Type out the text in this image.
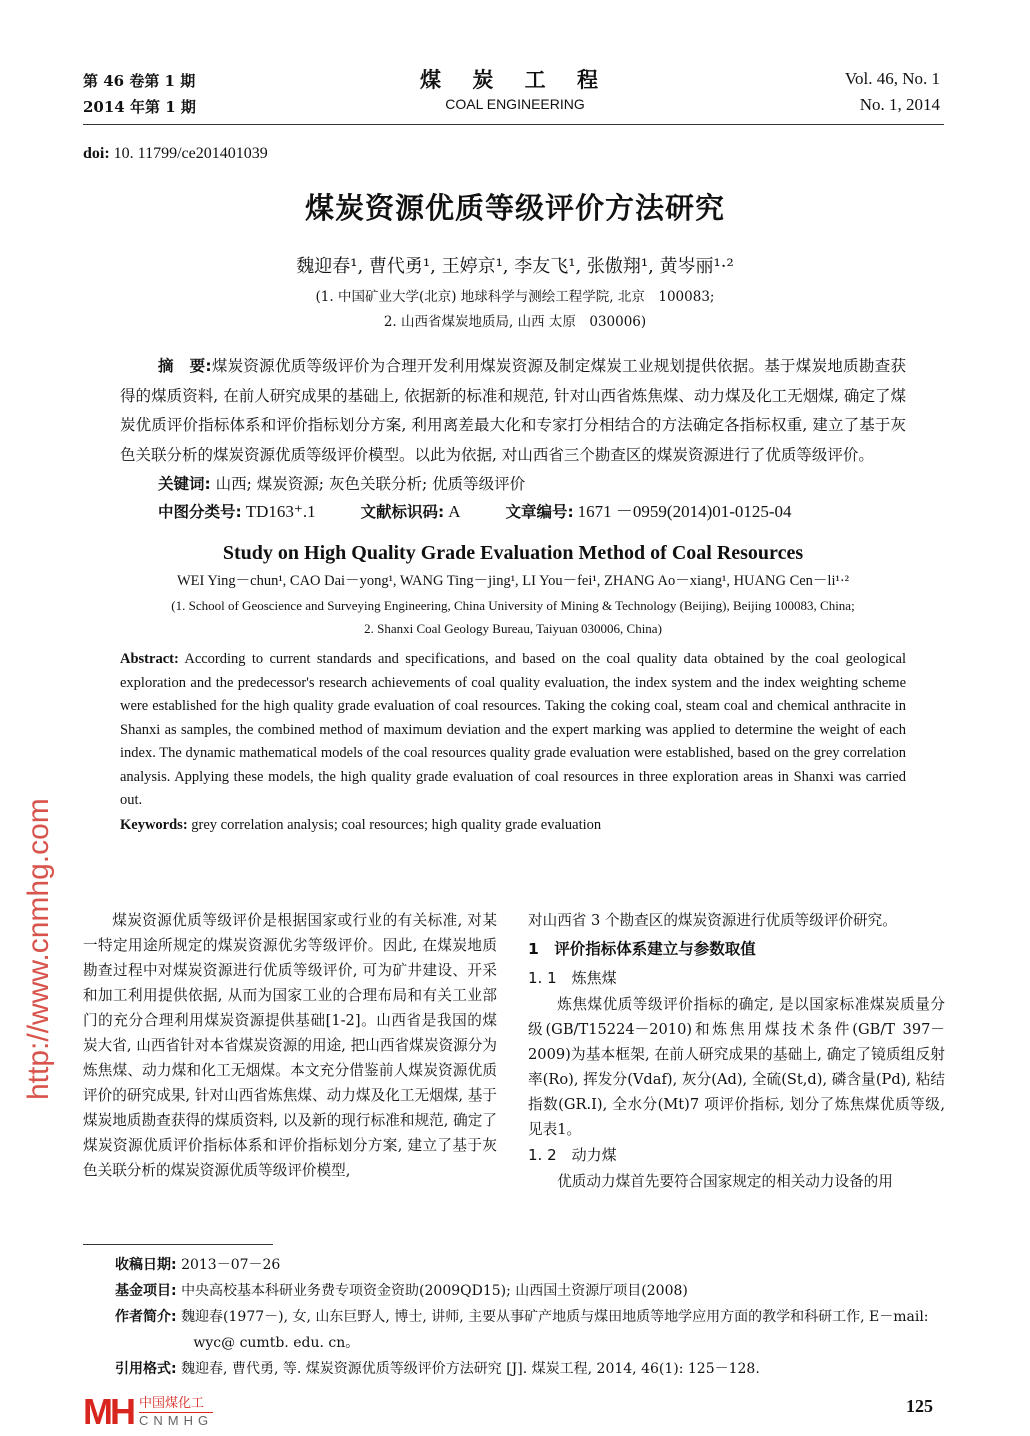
第 46 卷第 1 期
2014 年第 1 期
煤 炭 工 程
COAL ENGINEERING
Vol. 46, No. 1
No. 1, 2014
doi: 10. 11799/ce201401039
煤炭资源优质等级评价方法研究
魏迎春¹, 曹代勇¹, 王婷京¹, 李友飞¹, 张傲翔¹, 黄岑丽¹·²
(1. 中国矿业大学(北京) 地球科学与测绘工程学院, 北京　100083;
2. 山西省煤炭地质局, 山西 太原　030006)
摘　要:煤炭资源优质等级评价为合理开发利用煤炭资源及制定煤炭工业规划提供依据。基于煤炭地质勘查获得的煤质资料, 在前人研究成果的基础上, 依据新的标准和规范, 针对山西省炼焦煤、动力煤及化工无烟煤, 确定了煤炭优质评价指标体系和评价指标划分方案, 利用离差最大化和专家打分相结合的方法确定各指标权重, 建立了基于灰色关联分析的煤炭资源优质等级评价模型。以此为依据, 对山西省三个勘查区的煤炭资源进行了优质等级评价。
关键词: 山西; 煤炭资源; 灰色关联分析; 优质等级评价
中图分类号: TD163⁺.1	文献标识码: A	文章编号: 1671 －0959(2014)01-0125-04
Study on High Quality Grade Evaluation Method of Coal Resources
WEI Ying－chun¹, CAO Dai－yong¹, WANG Ting－jing¹, LI You－fei¹, ZHANG Ao－xiang¹, HUANG Cen－li¹·²
(1. School of Geoscience and Surveying Engineering, China University of Mining & Technology (Beijing), Beijing 100083, China;
2. Shanxi Coal Geology Bureau, Taiyuan 030006, China)
Abstract: According to current standards and specifications, and based on the coal quality data obtained by the coal geological exploration and the predecessor's research achievements of coal quality evaluation, the index system and the index weighting scheme were established for the high quality grade evaluation of coal resources. Taking the coking coal, steam coal and chemical anthracite in Shanxi as samples, the combined method of maximum deviation and the expert marking was applied to determine the weight of each index. The dynamic mathematical models of the coal resources quality grade evaluation were established, based on the grey correlation analysis. Applying these models, the high quality grade evaluation of coal resources in three exploration areas in Shanxi was carried out.
Keywords: grey correlation analysis; coal resources; high quality grade evaluation

煤炭资源优质等级评价是根据国家或行业的有关标准, 对某一特定用途所规定的煤炭资源优劣等级评价。因此, 在煤炭地质勘查过程中对煤炭资源进行优质等级评价, 可为矿井建设、开采和加工利用提供依据, 从而为国家工业的合理布局和有关工业部门的充分合理利用煤炭资源提供基础[1-2]。山西省是我国的煤炭大省, 山西省针对本省煤炭资源的用途, 把山西省煤炭资源分为炼焦煤、动力煤和化工无烟煤。本文充分借鉴前人煤炭资源优质评价的研究成果, 针对山西省炼焦煤、动力煤及化工无烟煤, 基于煤炭地质勘查获得的煤质资料, 以及新的现行标准和规范, 确定了煤炭资源优质评价指标体系和评价指标划分方案, 建立了基于灰色关联分析的煤炭资源优质等级评价模型,

对山西省 3 个勘查区的煤炭资源进行优质等级评价研究。

1　评价指标体系建立与参数取值
1. 1　炼焦煤

炼焦煤优质等级评价指标的确定, 是以国家标准煤炭质量分级(GB/T15224－2010)和炼焦用煤技术条件(GB/T 397－2009)为基本框架, 在前人研究成果的基础上, 确定了镜质组反射率(Ro), 挥发分(Vdaf), 灰分(Ad), 全硫(St,d), 磷含量(Pd), 粘结指数(GR.I), 全水分(Mt)7 项评价指标, 划分了炼焦煤优质等级, 见表1。

1. 2　动力煤

优质动力煤首先要符合国家规定的相关动力设备的用

收稿日期: 2013－07－26
基金项目: 中央高校基本科研业务费专项资金资助(2009QD15); 山西国土资源厅项目(2008)
作者简介: 魏迎春(1977－), 女, 山东巨野人, 博士, 讲师, 主要从事矿产地质与煤田地质等地学应用方面的教学和科研工作, E－mail: wyc@ cumtb. edu. cn。
引用格式: 魏迎春, 曹代勇, 等. 煤炭资源优质等级评价方法研究 [J]. 煤炭工程, 2014, 46(1): 125－128.
125
http://www.cnmhg.com
MH 中国煤化工
CNMHG
